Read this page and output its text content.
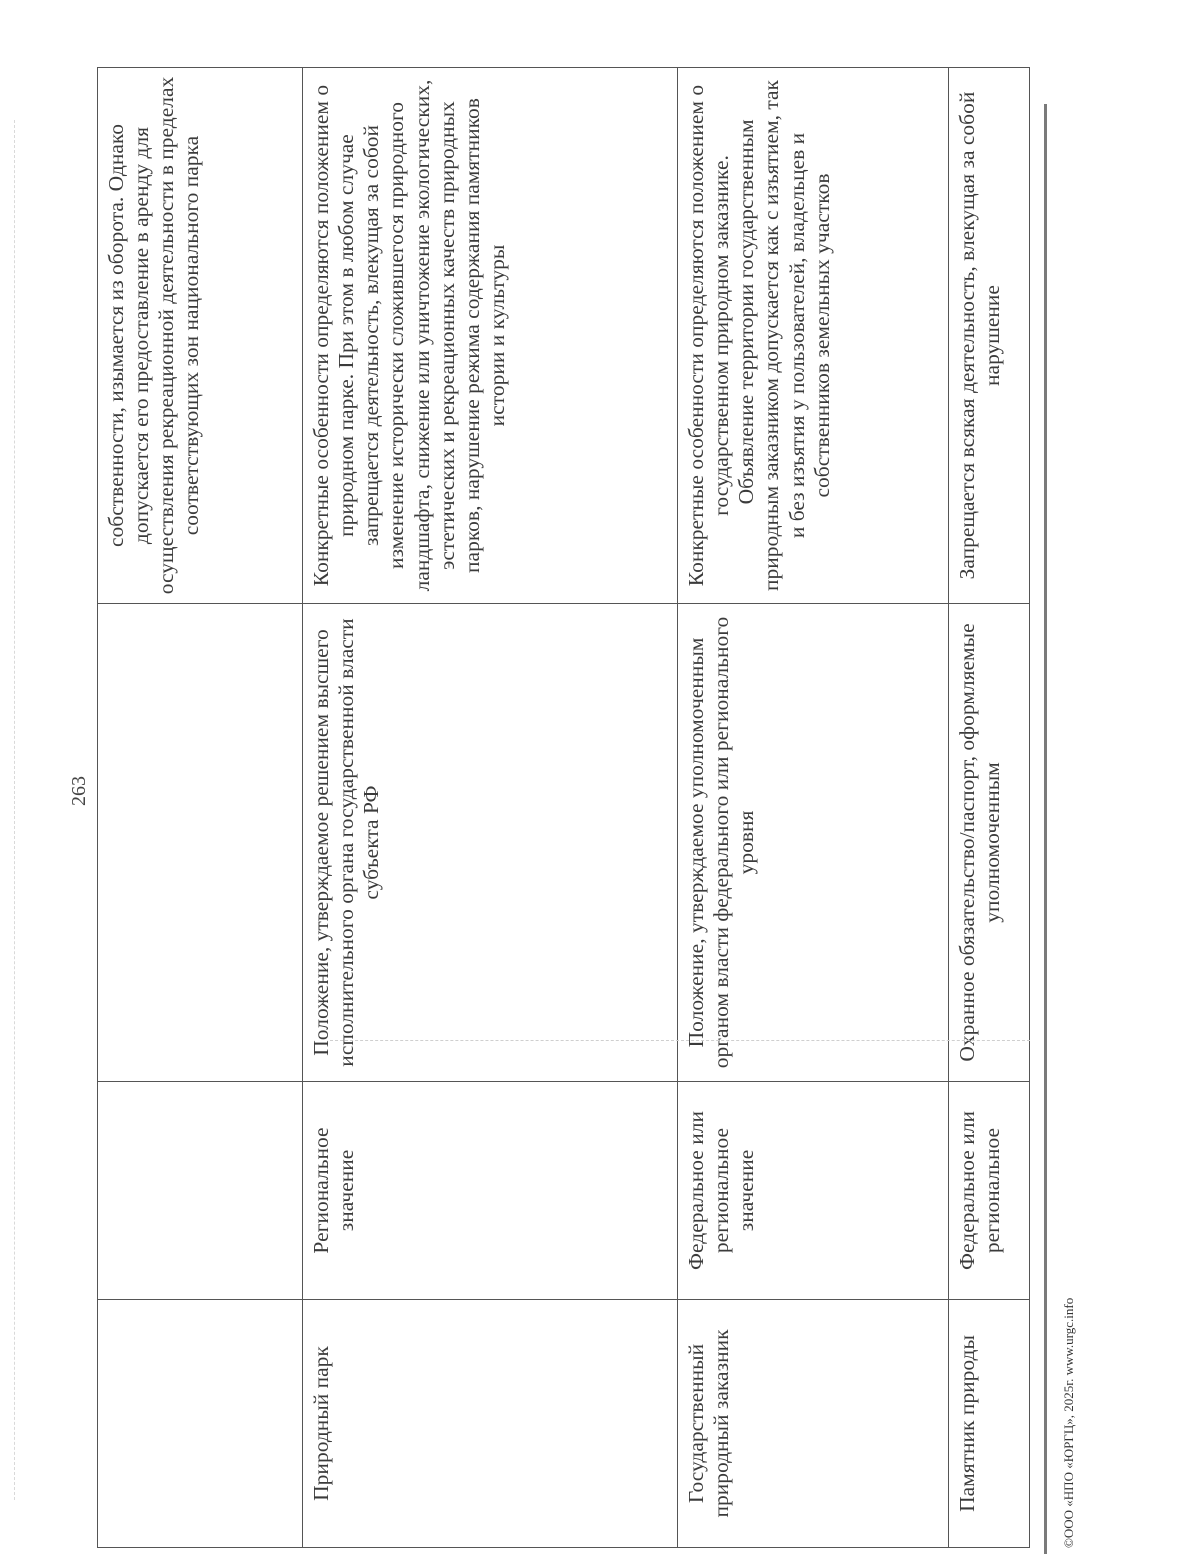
263

			собственности, изымается из оборота. Однако допускается его предоставление в аренду для осуществления рекреационной деятельности в пределах соответствующих зон национального парка

Природный парк	Региональное значение	Положение, утверждаемое решением высшего исполнительного органа государственной власти субъекта РФ	Конкретные особенности определяются положением о природном парке. При этом в любом случае запрещается деятельность, влекущая за собой изменение исторически сложившегося природного ландшафта, снижение или уничтожение экологических, эстетических и рекреационных качеств природных парков, нарушение режима содержания памятников истории и культуры

Государственный природный заказник	Федеральное или региональное значение	Положение, утверждаемое уполномоченным органом власти федерального или регионального уровня	Конкретные особенности определяются положением о государственном природном заказнике. Объявление территории государственным природным заказником допускается как с изъятием, так и без изъятия у пользователей, владельцев и собственников земельных участков

Памятник природы	Федеральное или региональное	Охранное обязательство/паспорт, оформляемые уполномоченным	Запрещается всякая деятельность, влекущая за собой нарушение
©ООО «НПО «ЮРГЦ», 2025г. www.urgc.info
